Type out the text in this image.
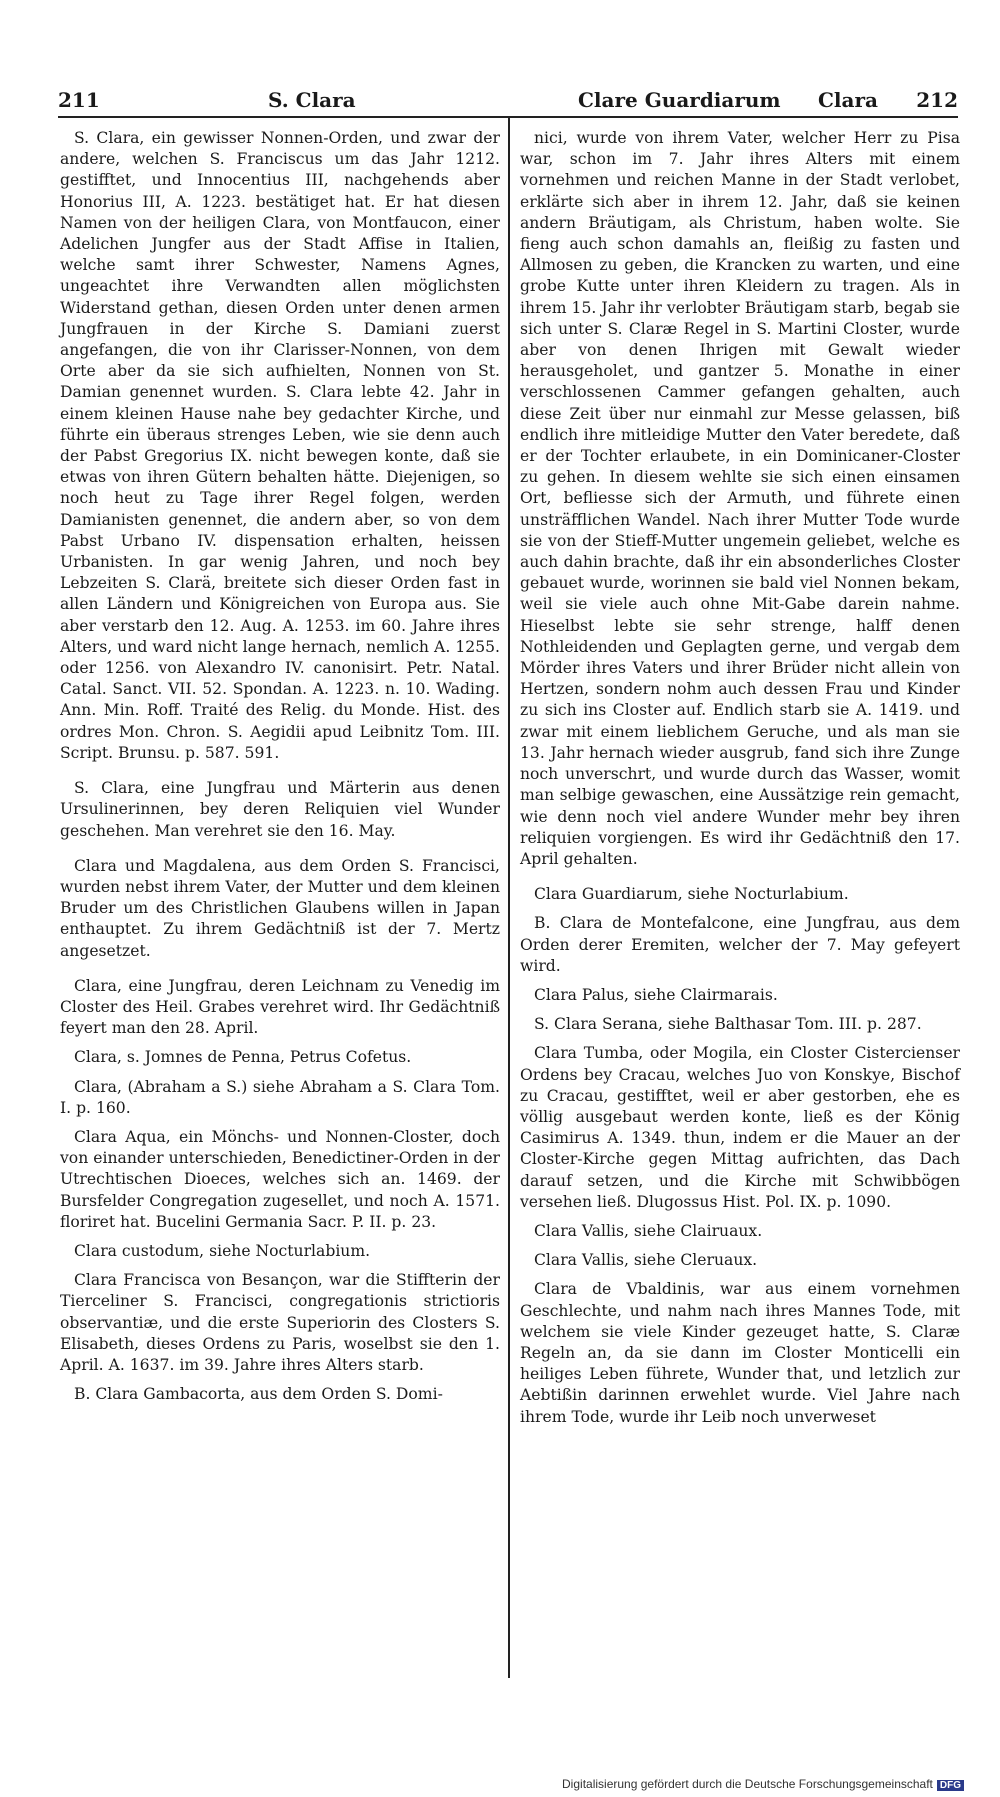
211	S. Clara	Clare Guardiarum Clara 212

S. Clara, ein gewisser Nonnen-Orden, und zwar der andere, welchen S. Franciscus um das Jahr 1212. gestifftet, und Innocentius III, nachgehends aber Honorius III, A. 1223. bestätiget hat. Er hat diesen Namen von der heiligen Clara, von Montfaucon, einer Adelichen Jungfer aus der Stadt Affise in Italien, welche samt ihrer Schwester, Namens Agnes, ungeachtet ihre Verwandten allen möglichsten Widerstand gethan, diesen Orden unter denen armen Jungfrauen in der Kirche S. Damiani zuerst angefangen, die von ihr Clarisser-Nonnen, von dem Orte aber da sie sich aufhielten, Nonnen von St. Damian genennet wurden. S. Clara lebte 42. Jahr in einem kleinen Hause nahe bey gedachter Kirche, und führte ein überaus strenges Leben, wie sie denn auch der Pabst Gregorius IX. nicht bewegen konte, daß sie etwas von ihren Gütern behalten hätte. Diejenigen, so noch heut zu Tage ihrer Regel folgen, werden Damianisten genennet, die andern aber, so von dem Pabst Urbano IV. dispensation erhalten, heissen Urbanisten. In gar wenig Jahren, und noch bey Lebzeiten S. Clarä, breitete sich dieser Orden fast in allen Ländern und Königreichen von Europa aus. Sie aber verstarb den 12. Aug. A. 1253. im 60. Jahre ihres Alters, und ward nicht lange hernach, nemlich A. 1255. oder 1256. von Alexandro IV. canonisirt. Petr. Natal. Catal. Sanct. VII. 52. Spondan. A. 1223. n. 10. Wading. Ann. Min. Roff. Traité des Relig. du Monde. Hist. des ordres Mon. Chron. S. Aegidii apud Leibnitz Tom. III. Script. Brunsu. p. 587. 591.

S. Clara, eine Jungfrau und Märterin aus denen Ursulinerinnen, bey deren Reliquien viel Wunder geschehen. Man verehret sie den 16. May.

Clara und Magdalena, aus dem Orden S. Francisci, wurden nebst ihrem Vater, der Mutter und dem kleinen Bruder um des Christlichen Glaubens willen in Japan enthauptet. Zu ihrem Gedächtniß ist der 7. Mertz angesetzet.

Clara, eine Jungfrau, deren Leichnam zu Venedig im Closter des Heil. Grabes verehret wird. Ihr Gedächtniß feyert man den 28. April.

Clara, s. Jomnes de Penna, Petrus Cofetus.

Clara, (Abraham a S.) siehe Abraham a S. Clara Tom. I. p. 160.

Clara Aqua, ein Mönchs- und Nonnen-Closter, doch von einander unterschieden, Benedictiner-Orden in der Utrechtischen Dioeces, welches sich an. 1469. der Bursfelder Congregation zugesellet, und noch A. 1571. floriret hat. Bucelini Germania Sacr. P. II. p. 23.

Clara custodum, siehe Nocturlabium.

Clara Francisca von Besançon, war die Stiffterin der Tierceliner S. Francisci, congregationis strictioris observantiæ, und die erste Superiorin des Closters S. Elisabeth, dieses Ordens zu Paris, woselbst sie den 1. April. A. 1637. im 39. Jahre ihres Alters starb.

B. Clara Gambacorta, aus dem Orden S. Domi-

nici, wurde von ihrem Vater, welcher Herr zu Pisa war, schon im 7. Jahr ihres Alters mit einem vornehmen und reichen Manne in der Stadt verlobet, erklärte sich aber in ihrem 12. Jahr, daß sie keinen andern Bräutigam, als Christum, haben wolte. Sie fieng auch schon damahls an, fleißig zu fasten und Allmosen zu geben, die Krancken zu warten, und eine grobe Kutte unter ihren Kleidern zu tragen. Als in ihrem 15. Jahr ihr verlobter Bräutigam starb, begab sie sich unter S. Claræ Regel in S. Martini Closter, wurde aber von denen Ihrigen mit Gewalt wieder herausgeholet, und gantzer 5. Monathe in einer verschlossenen Cammer gefangen gehalten, auch diese Zeit über nur einmahl zur Messe gelassen, biß endlich ihre mitleidige Mutter den Vater beredete, daß er der Tochter erlaubete, in ein Dominicaner-Closter zu gehen. In diesem wehlte sie sich einen einsamen Ort, befliesse sich der Armuth, und führete einen unsträfflichen Wandel. Nach ihrer Mutter Tode wurde sie von der Stieff-Mutter ungemein geliebet, welche es auch dahin brachte, daß ihr ein absonderliches Closter gebauet wurde, worinnen sie bald viel Nonnen bekam, weil sie viele auch ohne Mit-Gabe darein nahme. Hieselbst lebte sie sehr strenge, halff denen Nothleidenden und Geplagten gerne, und vergab dem Mörder ihres Vaters und ihrer Brüder nicht allein von Hertzen, sondern nohm auch dessen Frau und Kinder zu sich ins Closter auf. Endlich starb sie A. 1419. und zwar mit einem lieblichem Geruche, und als man sie 13. Jahr hernach wieder ausgrub, fand sich ihre Zunge noch unverschrt, und wurde durch das Wasser, womit man selbige gewaschen, eine Aussätzige rein gemacht, wie denn noch viel andere Wunder mehr bey ihren reliquien vorgiengen. Es wird ihr Gedächtniß den 17. April gehalten.

Clara Guardiarum, siehe Nocturlabium.

B. Clara de Montefalcone, eine Jungfrau, aus dem Orden derer Eremiten, welcher der 7. May gefeyert wird.

Clara Palus, siehe Clairmarais.

S. Clara Serana, siehe Balthasar Tom. III. p. 287.

Clara Tumba, oder Mogila, ein Closter Cistercienser Ordens bey Cracau, welches Juo von Konskye, Bischof zu Cracau, gestifftet, weil er aber gestorben, ehe es völlig ausgebaut werden konte, ließ es der König Casimirus A. 1349. thun, indem er die Mauer an der Closter-Kirche gegen Mittag aufrichten, das Dach darauf setzen, und die Kirche mit Schwibbögen versehen ließ. Dlugossus Hist. Pol. IX. p. 1090.

Clara Vallis, siehe Clairuaux.

Clara Vallis, siehe Cleruaux.

Clara de Vbaldinis, war aus einem vornehmen Geschlechte, und nahm nach ihres Mannes Tode, mit welchem sie viele Kinder gezeuget hatte, S. Claræ Regeln an, da sie dann im Closter Monticelli ein heiliges Leben führete, Wunder that, und letzlich zur Aebtißin darinnen erwehlet wurde. Viel Jahre nach ihrem Tode, wurde ihr Leib noch unverweset

Digitalisierung gefördert durch die Deutsche Forschungsgemeinschaft DFG
